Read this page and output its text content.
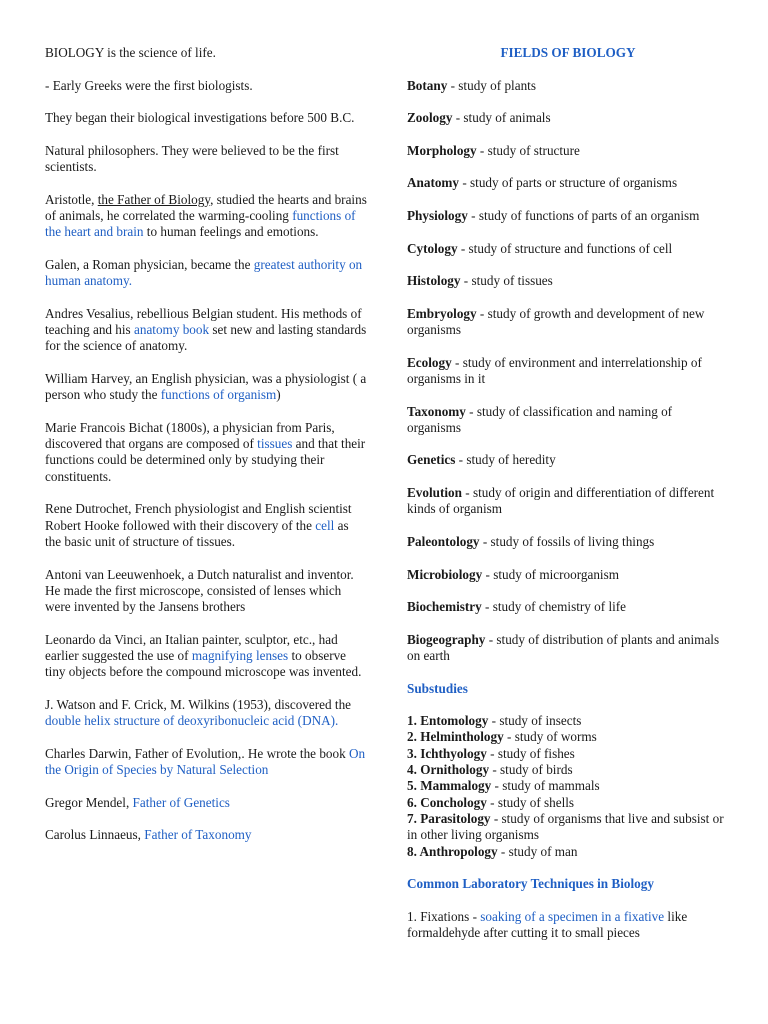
BIOLOGY is the science of life.

- Early Greeks were the first biologists.

They began their biological investigations before 500 B.C.

Natural philosophers. They were believed to be the first scientists.

Aristotle, the Father of Biology, studied the hearts and brains of animals, he correlated the warming-cooling functions of the heart and brain to human feelings and emotions.

Galen, a Roman physician, became the greatest authority on human anatomy.

Andres Vesalius, rebellious Belgian student. His methods of teaching and his anatomy book set new and lasting standards for the science of anatomy.

William Harvey, an English physician, was a physiologist ( a person who study the functions of organism)

Marie Francois Bichat (1800s), a physician from Paris, discovered that organs are composed of tissues and that their functions could be determined only by studying their constituents.

Rene Dutrochet, French physiologist and English scientist Robert Hooke followed with their discovery of the cell as the basic unit of structure of tissues.

Antoni van Leeuwenhoek, a Dutch naturalist and inventor. He made the first microscope, consisted of lenses which were invented by the Jansens brothers

Leonardo da Vinci, an Italian painter, sculptor, etc., had earlier suggested the use of magnifying lenses to observe tiny objects before the compound microscope was invented.

J. Watson and F. Crick, M. Wilkins (1953), discovered the double helix structure of deoxyribonucleic acid (DNA).

Charles Darwin, Father of Evolution,. He wrote the book On the Origin of Species by Natural Selection

Gregor Mendel, Father of Genetics

Carolus Linnaeus, Father of Taxonomy

FIELDS OF BIOLOGY

Botany - study of plants

Zoology - study of animals

Morphology - study of structure

Anatomy - study of parts or structure of organisms

Physiology - study of functions of parts of an organism

Cytology - study of structure and functions of cell

Histology - study of tissues

Embryology - study of growth and development of new organisms

Ecology - study of environment and interrelationship of organisms in it

Taxonomy - study of classification and naming of organisms

Genetics - study of heredity

Evolution - study of origin and differentiation of different kinds of organism

Paleontology - study of fossils of living things

Microbiology - study of microorganism

Biochemistry - study of chemistry of life

Biogeography - study of distribution of plants and animals on earth

Substudies

1. Entomology - study of insects

2. Helminthology - study of worms

3. Ichthyology - study of fishes

4. Ornithology - study of birds

5. Mammalogy - study of mammals

6. Conchology - study of shells

7. Parasitology - study of organisms that live and subsist or in other living organisms

8. Anthropology - study of man

Common Laboratory Techniques in Biology

1. Fixations - soaking of a specimen in a fixative like formaldehyde after cutting it to small pieces
